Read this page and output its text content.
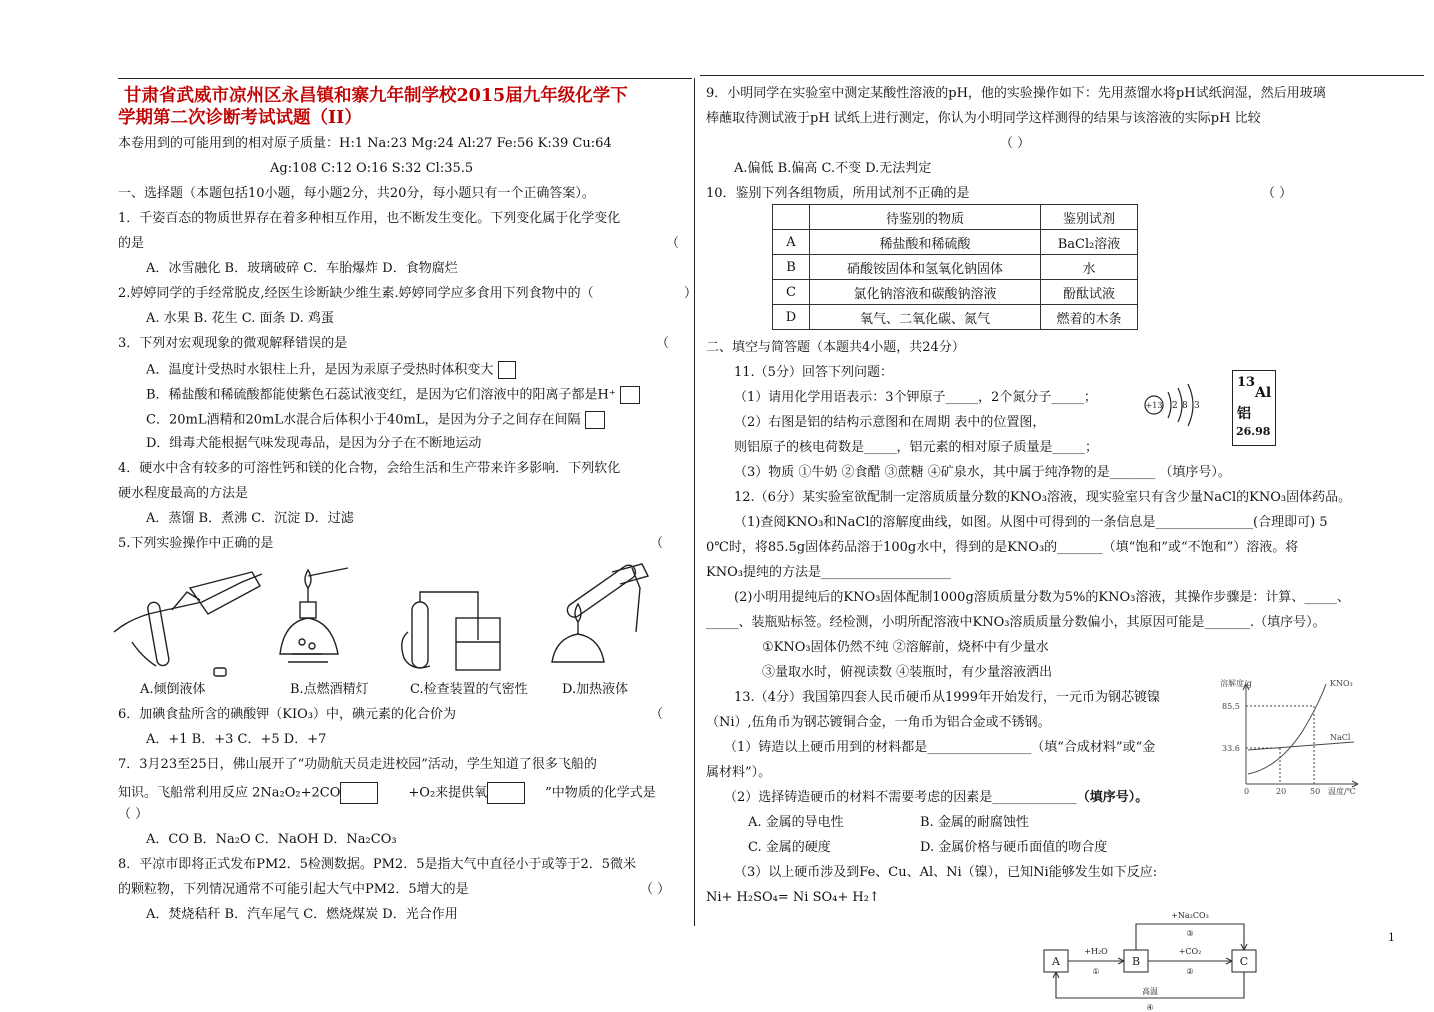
甘肃省武威市凉州区永昌镇和寨九年制学校2015届九年级化学下
学期第二次诊断考试试题（II）
本卷用到的可能用到的相对原子质量：H:1 Na:23 Mg:24 Al:27 Fe:56 K:39 Cu:64
Ag:108 C:12 O:16 S:32 Cl:35.5
一、选择题（本题包括10小题，每小题2分，共20分，每小题只有一个正确答案）。
1．千姿百态的物质世界存在着多种相互作用，也不断发生变化。下列变化属于化学变化
的是	（
A．冰雪融化 B．玻璃破碎 C．车胎爆炸 D．食物腐烂
2.婷婷同学的手经常脱皮,经医生诊断缺少维生素.婷婷同学应多食用下列食物中的（	）
A. 水果 B. 花生 C. 面条 D. 鸡蛋
3．下列对宏观现象的微观解释错误的是	（
A．温度计受热时水银柱上升，是因为汞原子受热时体积变大
B．稀盐酸和稀硫酸都能使紫色石蕊试液变红，是因为它们溶液中的阳离子都是H⁺
C．20mL酒精和20mL水混合后体积小于40mL，是因为分子之间存在间隔
D．缉毒犬能根据气味发现毒品，是因为分子在不断地运动
4．硬水中含有较多的可溶性钙和镁的化合物，会给生活和生产带来许多影响．下列软化
硬水程度最高的方法是
A．蒸馏 B．煮沸 C．沉淀 D．过滤
5.下列实验操作中正确的是	（
A.倾倒液体	B.点燃酒精灯	C.检查装置的气密性	D.加热液体
6．加碘食盐所含的碘酸钾（KIO₃）中，碘元素的化合价为	（
A．+1 B．+3 C．+5 D．+7
7．3月23至25日，佛山展开了“功勋航天员走进校园”活动，学生知道了很多飞船的
知识。飞船常利用反应 2Na₂O₂+2CO	+O₂来提供氧	”中物质的化学式是
（ ）
A．CO B．Na₂O C．NaOH D．Na₂CO₃
8．平凉市即将正式发布PM2．5检测数据。PM2．5是指大气中直径小于或等于2．5微米
的颗粒物，下列情况通常不可能引起大气中PM2．5增大的是	（ ）
A．焚烧秸秆 B．汽车尾气 C．燃烧煤炭 D．光合作用
9．小明同学在实验室中测定某酸性溶液的pH，他的实验操作如下：先用蒸馏水将pH试纸润湿，然后用玻璃
棒蘸取待测试液于pH 试纸上进行测定，你认为小明同学这样测得的结果与该溶液的实际pH 比较
（ ）
A.偏低 B.偏高 C.不变 D.无法判定
10．鉴别下列各组物质，所用试剂不正确的是	（ ）
	待鉴别的物质	鉴别试剂
A	稀盐酸和稀硫酸	BaCl₂溶液
B	硝酸铵固体和氢氧化钠固体	水
C	氯化钠溶液和碳酸钠溶液	酚酞试液
D	氧气、二氧化碳、氮气	燃着的木条
二、填空与简答题（本题共4小题，共24分）
11.（5分）回答下列问题：
（1）请用化学用语表示：3个钾原子_____，2个氮分子_____；
（2）右图是铝的结构示意图和在周期 表中的位置图，
则铝原子的核电荷数是_____，铝元素的相对原子质量是_____；
（3）物质 ①牛奶 ②食醋 ③蔗糖 ④矿泉水，其中属于纯净物的是_______ （填序号）。
+13 2 8 3
13
Al
铝
26.98
12.（6分）某实验室欲配制一定溶质质量分数的KNO₃溶液，现实验室只有含少量NaCl的KNO₃固体药品。
（1)查阅KNO₃和NaCl的溶解度曲线，如图。从图中可得到的一条信息是_______________(合理即可) 5
0℃时，将85.5g固体药品溶于100g水中，得到的是KNO₃的_______（填“饱和”或“不饱和”）溶液。将
KNO₃提纯的方法是____________________
(2)小明用提纯后的KNO₃固体配制1000g溶质质量分数为5%的KNO₃溶液，其操作步骤是：计算、_____、
_____、装瓶贴标签。经检测，小明所配溶液中KNO₃溶质质量分数偏小，其原因可能是_______.（填序号）。
①KNO₃固体仍然不纯 ②溶解前，烧杯中有少量水
③量取水时，俯视读数 ④装瓶时，有少量溶液洒出
溶解度/g	KNO₃
NaCl
85.5
33.6
0	20	50 温度/℃
13.（4分）我国第四套人民币硬币从1999年开始发行，一元币为钢芯镀镍
（Ni）,伍角币为钢芯镀铜合金，一角币为铝合金或不锈钢。
（1）铸造以上硬币用到的材料都是________________（填“合成材料”或“金
属材料”）。
（2）选择铸造硬币的材料不需要考虑的因素是_____________（填序号）。
A. 金属的导电性	B. 金属的耐腐蚀性
C. 金属的硬度	D. 金属价格与硬币面值的吻合度
（3）以上硬币涉及到Fe、Cu、Al、Ni（镍），已知Ni能够发生如下反应:
Ni+ H₂SO₄= Ni SO₄+ H₂↑
A	B	C
+H₂O
①
+CO₂
②
+Na₂CO₃
③
高温
④
1
